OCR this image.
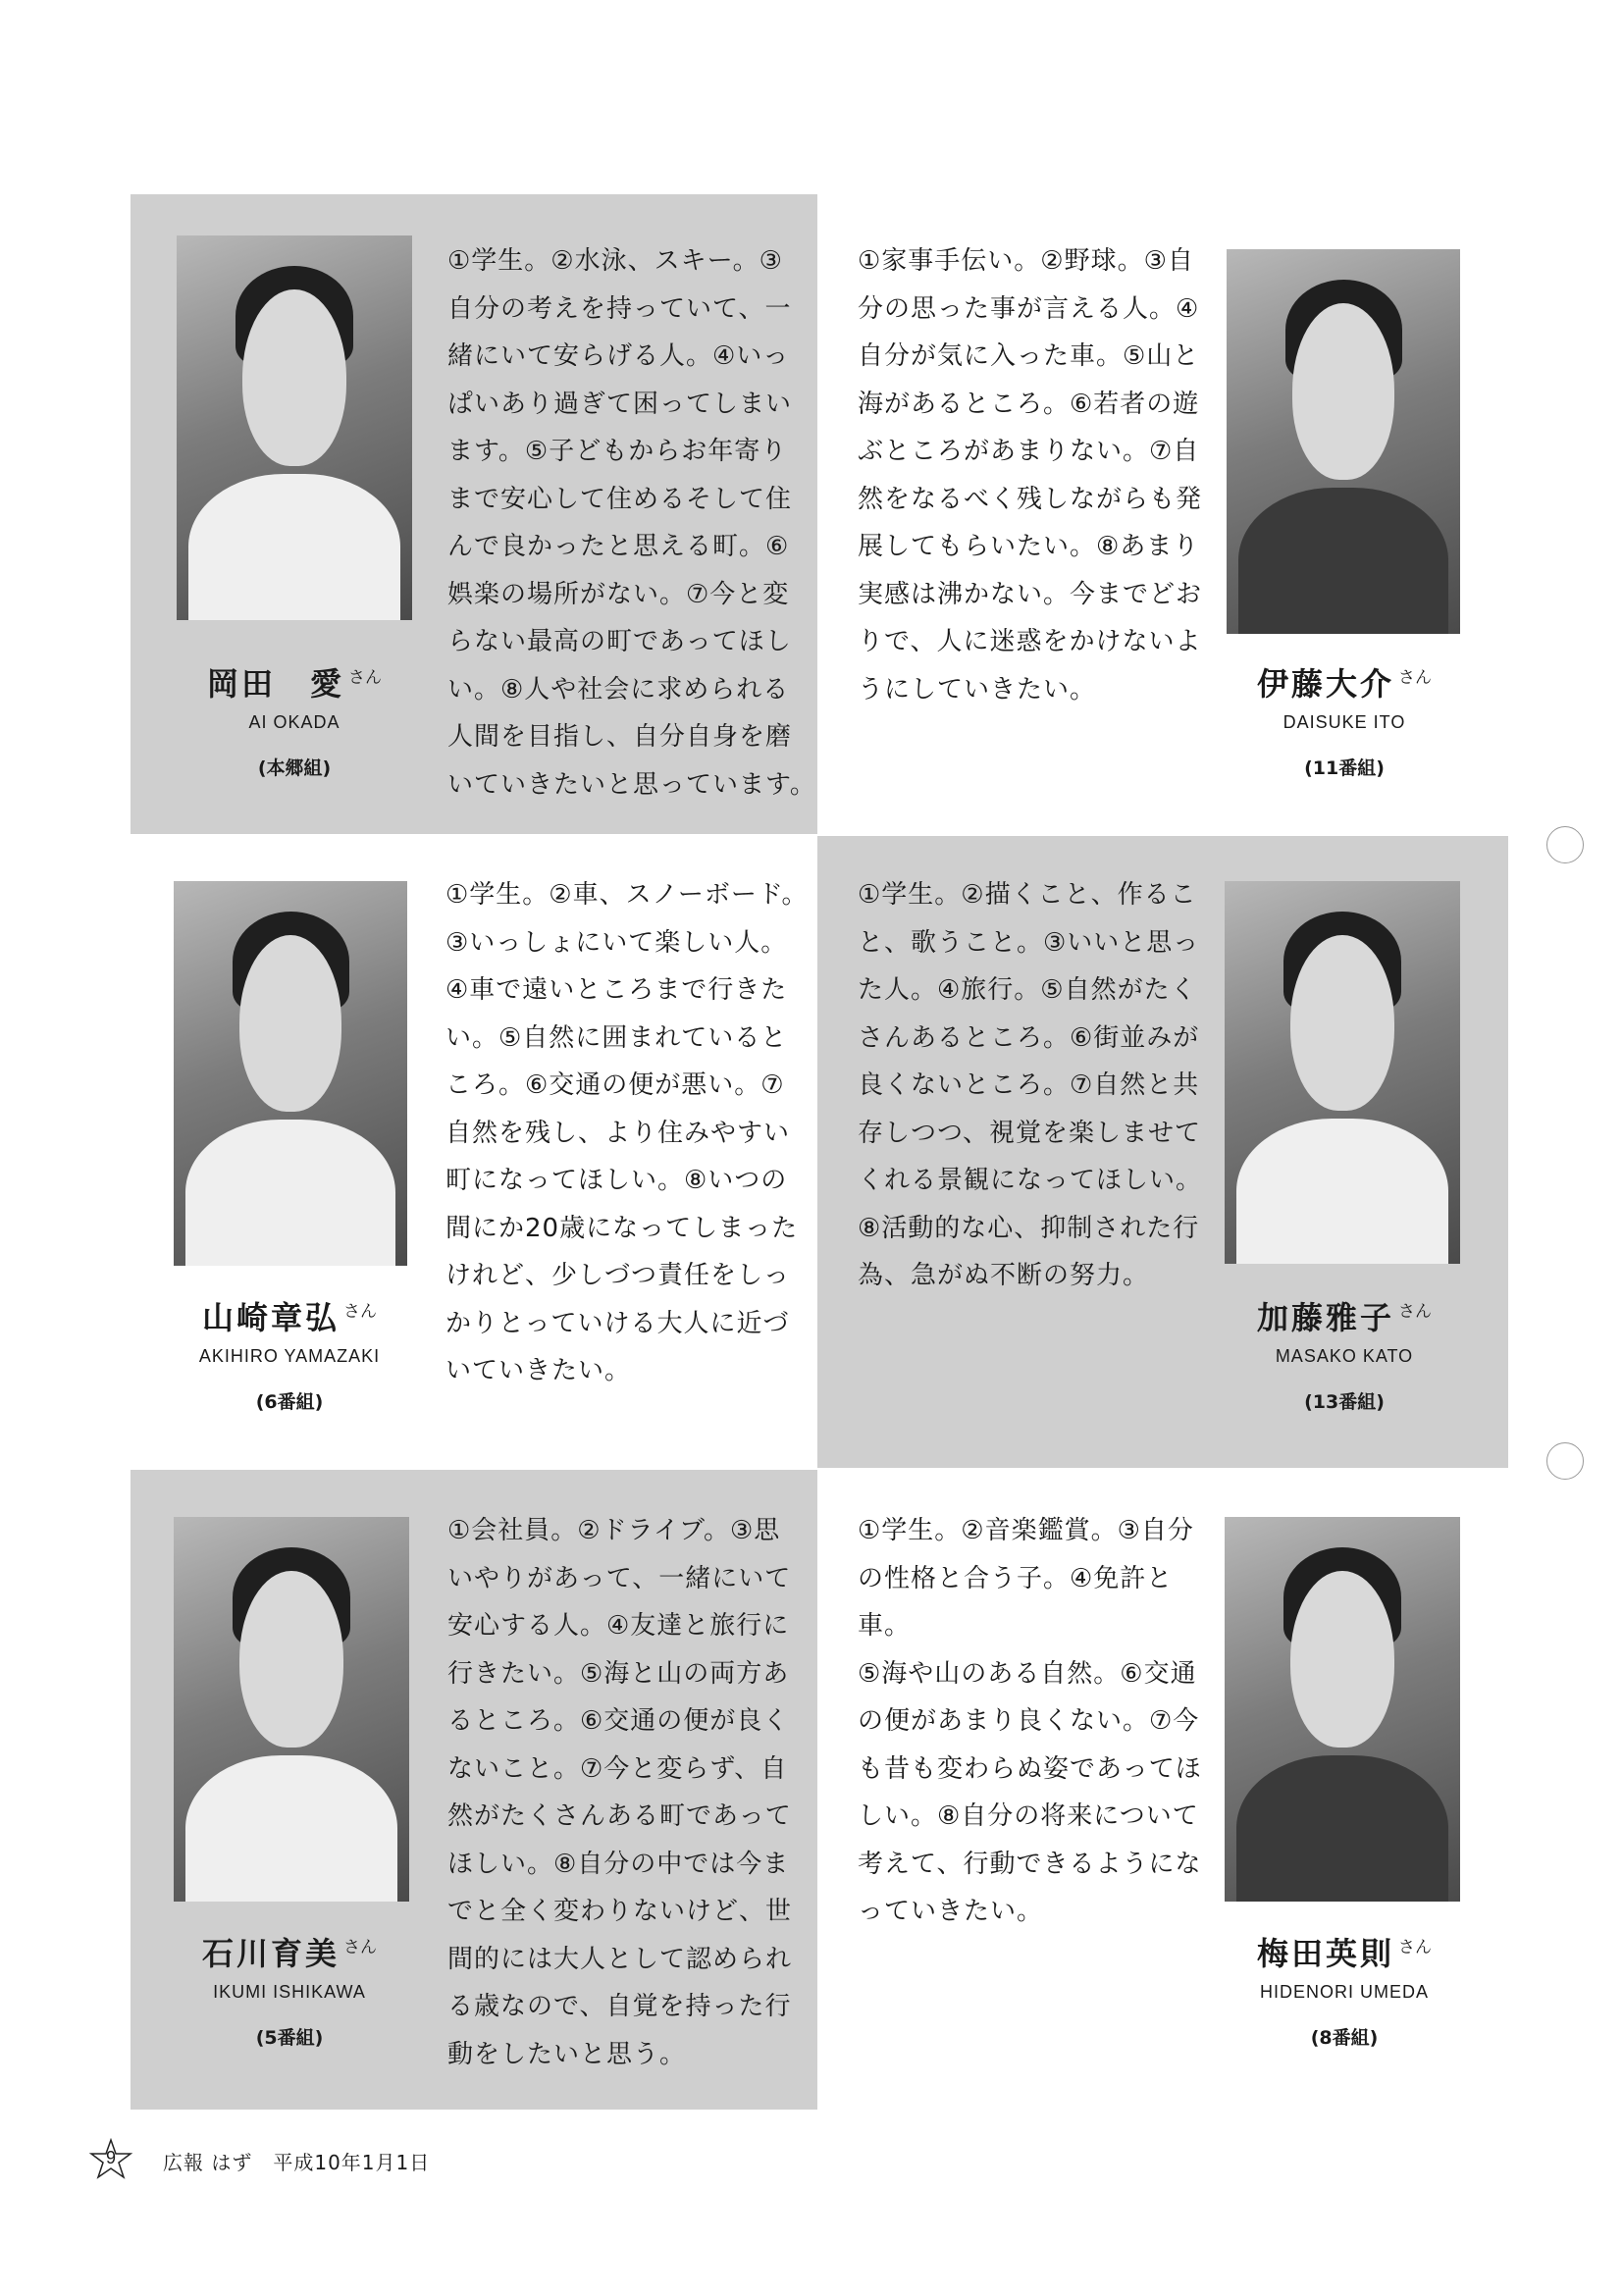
岡田　愛 $^{さん}$
AI OKADA
(本郷組)
①学生。②水泳、スキー。③
自分の考えを持っていて、一
緒にいて安らげる人。④いっ
ぱいあり過ぎて困ってしまい
ます。⑤子どもからお年寄り
まで安心して住めるそして住
んで良かったと思える町。⑥
娯楽の場所がない。⑦今と変
らない最高の町であってほし
い。⑧人や社会に求められる
人間を目指し、自分自身を磨
いていきたいと思っています。
①家事手伝い。②野球。③自
分の思った事が言える人。④
自分が気に入った車。⑤山と
海があるところ。⑥若者の遊
ぶところがあまりない。⑦自
然をなるべく残しながらも発
展してもらいたい。⑧あまり
実感は沸かない。今までどお
りで、人に迷惑をかけないよ
うにしていきたい。	伊藤大介 $^{さん}$
DAISUKE ITO
(11番組)
山崎章弘 $^{さん}$
AKIHIRO YAMAZAKI
(6番組)
①学生。②車、スノーボード。
③いっしょにいて楽しい人。
④車で遠いところまで行きた
い。⑤自然に囲まれていると
ころ。⑥交通の便が悪い。⑦
自然を残し、より住みやすい
町になってほしい。⑧いつの
間にか20歳になってしまった
けれど、少しづつ責任をしっ
かりとっていける大人に近づ
いていきたい。
①学生。②描くこと、作るこ
と、歌うこと。③いいと思っ
た人。④旅行。⑤自然がたく
さんあるところ。⑥街並みが
良くないところ。⑦自然と共
存しつつ、視覚を楽しませて
くれる景観になってほしい。
⑧活動的な心、抑制された行
為、急がぬ不断の努力。
加藤雅子 $^{さん}$
MASAKO KATO
(13番組)
石川育美 $^{さん}$
IKUMI ISHIKAWA
(5番組)
①会社員。②ドライブ。③思
いやりがあって、一緒にいて
安心する人。④友達と旅行に
行きたい。⑤海と山の両方あ
るところ。⑥交通の便が良く
ないこと。⑦今と変らず、自
然がたくさんある町であって
ほしい。⑧自分の中では今ま
でと全く変わりないけど、世
間的には大人として認められ
る歳なので、自覚を持った行
動をしたいと思う。
①学生。②音楽鑑賞。③自分
の性格と合う子。④免許と車。
⑤海や山のある自然。⑥交通
の便があまり良くない。⑦今
も昔も変わらぬ姿であってほ
しい。⑧自分の将来について
考えて、行動できるようにな
っていきたい。
梅田英則 $^{さん}$
HIDENORI UMEDA
(8番組)
9	広報 はず　平成10年1月1日
